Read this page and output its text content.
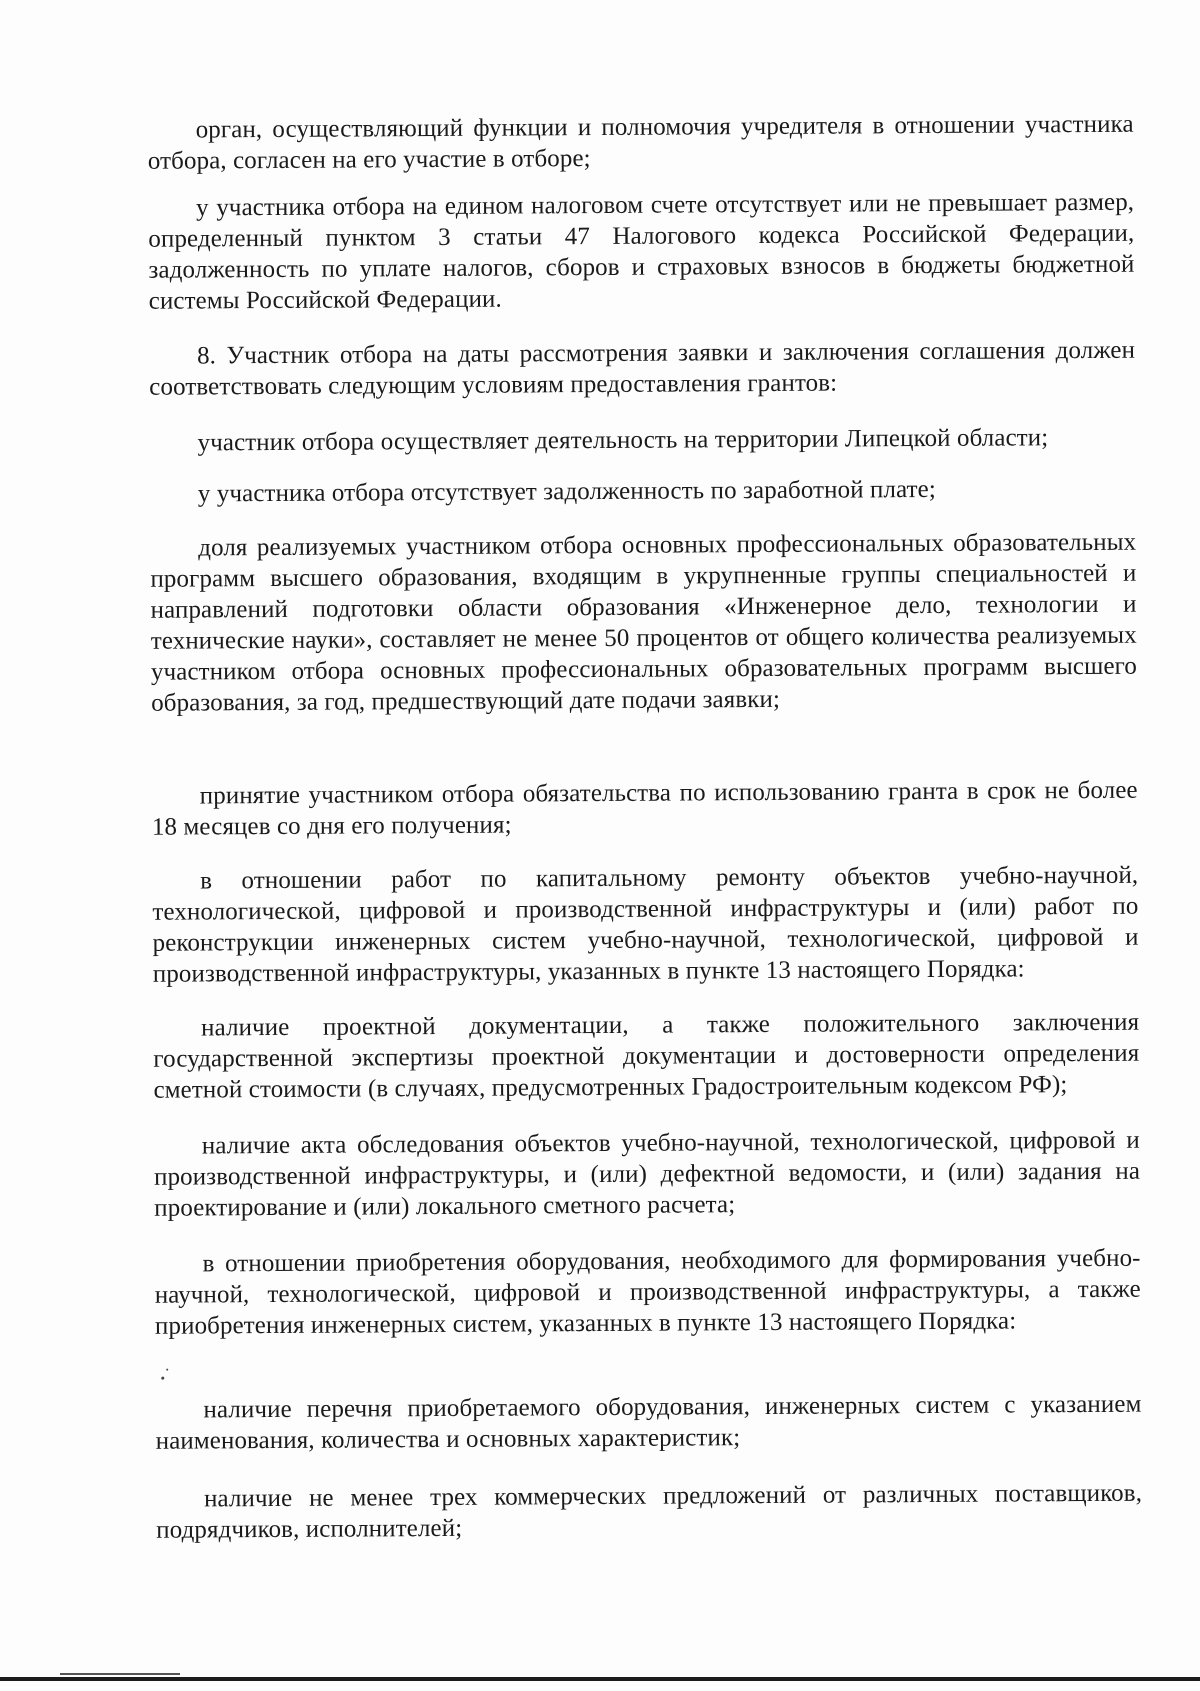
орган, осуществляющий функции и полномочия учредителя в отношении участника отбора, согласен на его участие в отборе;

у участника отбора на едином налоговом счете отсутствует или не превышает размер, определенный пунктом 3 статьи 47 Налогового кодекса Российской Федерации, задолженность по уплате налогов, сборов и страховых взносов в бюджеты бюджетной системы Российской Федерации.

8. Участник отбора на даты рассмотрения заявки и заключения соглашения должен соответствовать следующим условиям предоставления грантов:

участник отбора осуществляет деятельность на территории Липецкой области;

у участника отбора отсутствует задолженность по заработной плате;

доля реализуемых участником отбора основных профессиональных образовательных программ высшего образования, входящим в укрупненные группы специальностей и направлений подготовки области образования «Инженерное дело, технологии и технические науки», составляет не менее 50 процентов от общего количества реализуемых участником отбора основных профессиональных образовательных программ высшего образования, за год, предшествующий дате подачи заявки;

принятие участником отбора обязательства по использованию гранта в срок не более 18 месяцев со дня его получения;

в отношении работ по капитальному ремонту объектов учебно-научной, технологической, цифровой и производственной инфраструктуры и (или) работ по реконструкции инженерных систем учебно-научной, технологической, цифровой и производственной инфраструктуры, указанных в пункте 13 настоящего Порядка:

наличие проектной документации, а также положительного заключения государственной экспертизы проектной документации и достоверности определения сметной стоимости (в случаях, предусмотренных Градостроительным кодексом РФ);

наличие акта обследования объектов учебно-научной, технологической, цифровой и производственной инфраструктуры, и (или) дефектной ведомости, и (или) задания на проектирование и (или) локального сметного расчета;

в отношении приобретения оборудования, необходимого для формирования учебно-научной, технологической, цифровой и производственной инфраструктуры, а также приобретения инженерных систем, указанных в пункте 13 настоящего Порядка:

наличие перечня приобретаемого оборудования, инженерных систем с указанием наименования, количества и основных характеристик;

наличие не менее трех коммерческих предложений от различных поставщиков, подрядчиков, исполнителей;
